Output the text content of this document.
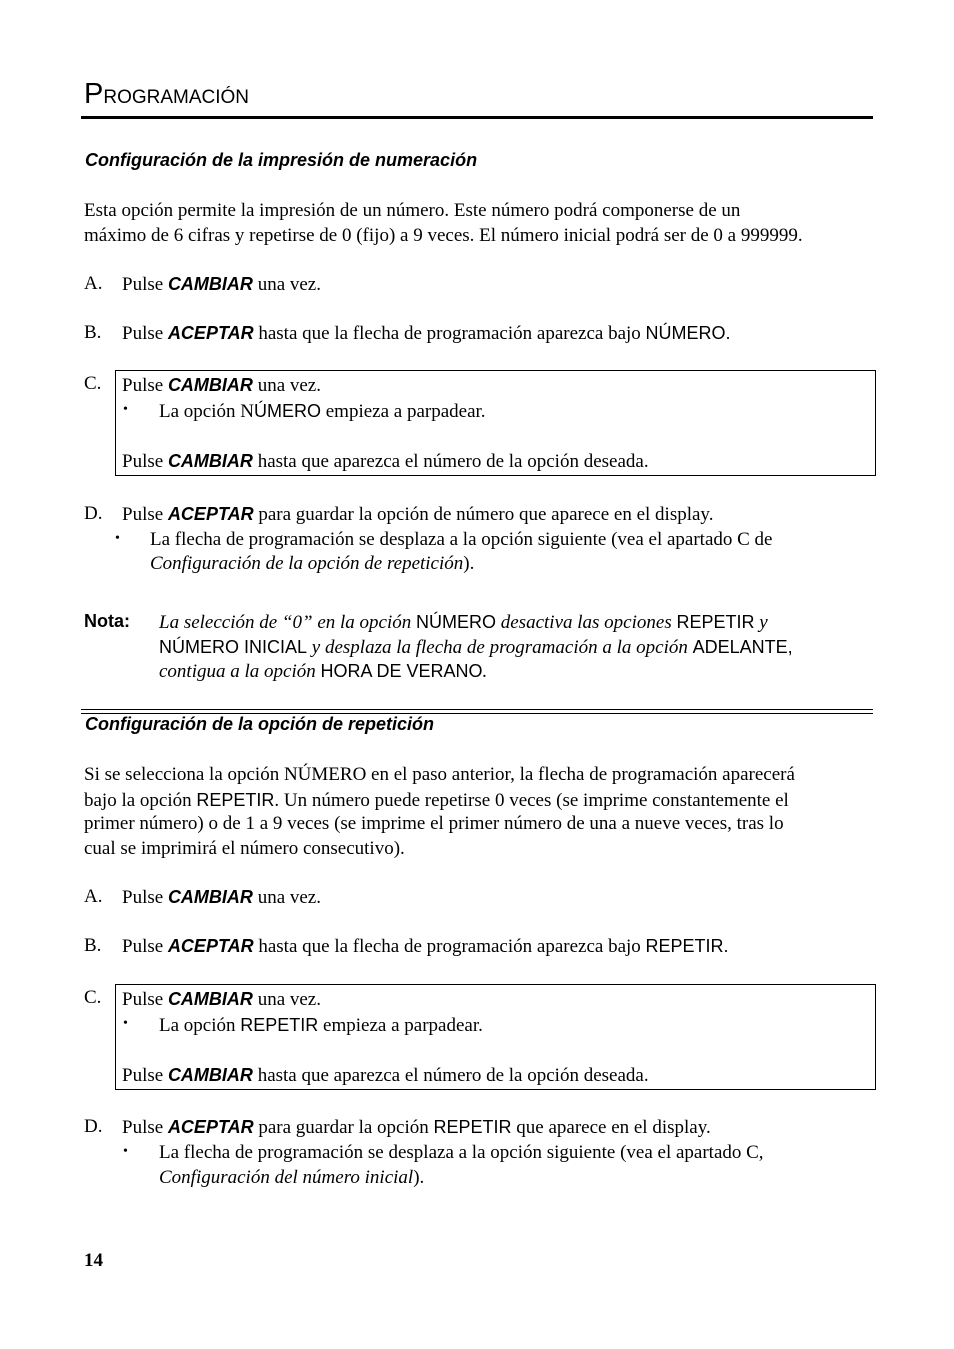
PROGRAMACIÓN
Configuración de la impresión de numeración
Esta opción permite la impresión de un número. Este número podrá componerse de un
máximo de 6 cifras y repetirse de 0 (fijo) a 9 veces. El número inicial podrá ser de 0 a 999999.
A. Pulse CAMBIAR una vez.
B. Pulse ACEPTAR hasta que la flecha de programación aparezca bajo NÚMERO.
C. Pulse CAMBIAR una vez.
• La opción NÚMERO empieza a parpadear.
Pulse CAMBIAR hasta que aparezca el número de la opción deseada.
D. Pulse ACEPTAR para guardar la opción de número que aparece en el display.
• La flecha de programación se desplaza a la opción siguiente (vea el apartado C de
Configuración de la opción de repetición).
Nota: La selección de “0” en la opción NÚMERO desactiva las opciones REPETIR y
NÚMERO INICIAL y desplaza la flecha de programación a la opción ADELANTE,
contigua a la opción HORA DE VERANO.
Configuración de la opción de repetición
Si se selecciona la opción NÚMERO en el paso anterior, la flecha de programación aparecerá
bajo la opción REPETIR. Un número puede repetirse 0 veces (se imprime constantemente el
primer número) o de 1 a 9 veces (se imprime el primer número de una a nueve veces, tras lo
cual se imprimirá el número consecutivo).
A. Pulse CAMBIAR una vez.
B. Pulse ACEPTAR hasta que la flecha de programación aparezca bajo REPETIR.
C. Pulse CAMBIAR una vez.
• La opción REPETIR empieza a parpadear.
Pulse CAMBIAR hasta que aparezca el número de la opción deseada.
D. Pulse ACEPTAR para guardar la opción REPETIR que aparece en el display.
• La flecha de programación se desplaza a la opción siguiente (vea el apartado C,
Configuración del número inicial).
14
